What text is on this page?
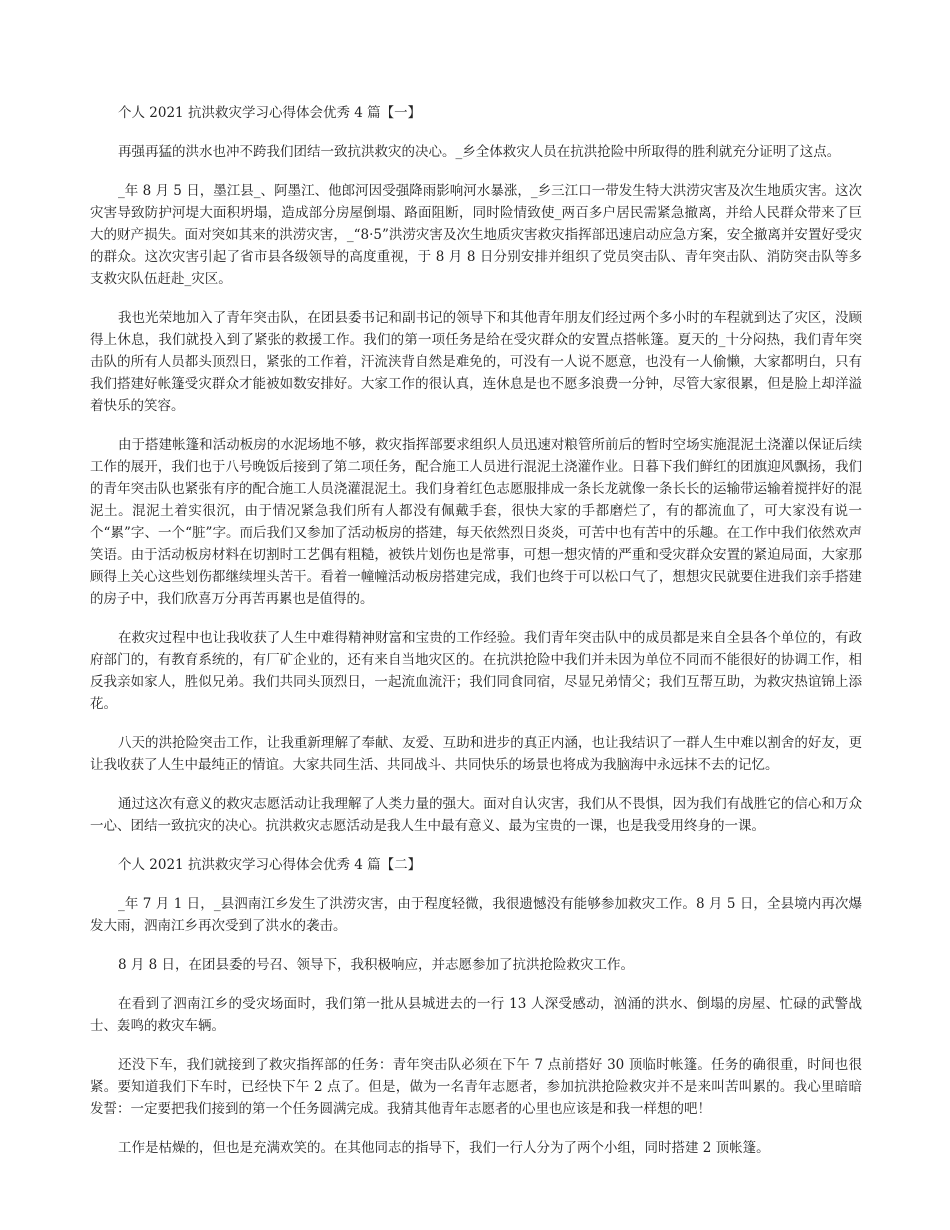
个人 2021 抗洪救灾学习心得体会优秀 4 篇【一】

再强再猛的洪水也冲不跨我们团结一致抗洪救灾的决心。_乡全体救灾人员在抗洪抢险中所取得的胜利就充分证明了这点。

_年 8 月 5 日，墨江县_、阿墨江、他郎河因受强降雨影响河水暴涨，_乡三江口一带发生特大洪涝灾害及次生地质灾害。这次灾害导致防护河堤大面积坍塌，造成部分房屋倒塌、路面阻断，同时险情致使_两百多户居民需紧急撤离，并给人民群众带来了巨大的财产损失。面对突如其来的洪涝灾害，_“8·5”洪涝灾害及次生地质灾害救灾指挥部迅速启动应急方案，安全撤离并安置好受灾的群众。这次灾害引起了省市县各级领导的高度重视，于 8 月 8 日分别安排并组织了党员突击队、青年突击队、消防突击队等多支救灾队伍赶赴_灾区。

我也光荣地加入了青年突击队，在团县委书记和副书记的领导下和其他青年朋友们经过两个多小时的车程就到达了灾区，没顾得上休息，我们就投入到了紧张的救援工作。我们的第一项任务是给在受灾群众的安置点搭帐篷。夏天的_十分闷热，我们青年突击队的所有人员都头顶烈日，紧张的工作着，汗流浃背自然是难免的，可没有一人说不愿意，也没有一人偷懒，大家都明白，只有我们搭建好帐篷受灾群众才能被如数安排好。大家工作的很认真，连休息是也不愿多浪费一分钟，尽管大家很累，但是脸上却洋溢着快乐的笑容。

由于搭建帐篷和活动板房的水泥场地不够，救灾指挥部要求组织人员迅速对粮管所前后的暂时空场实施混泥土浇灌以保证后续工作的展开，我们也于八号晚饭后接到了第二项任务，配合施工人员进行混泥土浇灌作业。日暮下我们鲜红的团旗迎风飘扬，我们的青年突击队也紧张有序的配合施工人员浇灌混泥土。我们身着红色志愿服排成一条长龙就像一条长长的运输带运输着搅拌好的混泥土。混泥土着实很沉，由于情况紧急我们所有人都没有佩戴手套，很快大家的手都磨烂了，有的都流血了，可大家没有说一个“累”字、一个“脏”字。而后我们又参加了活动板房的搭建，每天依然烈日炎炎，可苦中也有苦中的乐趣。在工作中我们依然欢声笑语。由于活动板房材料在切割时工艺偶有粗糙，被铁片划伤也是常事，可想一想灾情的严重和受灾群众安置的紧迫局面，大家那顾得上关心这些划伤都继续埋头苦干。看着一幢幢活动板房搭建完成，我们也终于可以松口气了，想想灾民就要住进我们亲手搭建的房子中，我们欣喜万分再苦再累也是值得的。

在救灾过程中也让我收获了人生中难得精神财富和宝贵的工作经验。我们青年突击队中的成员都是来自全县各个单位的，有政府部门的，有教育系统的，有厂矿企业的，还有来自当地灾区的。在抗洪抢险中我们并未因为单位不同而不能很好的协调工作，相反我亲如家人，胜似兄弟。我们共同头顶烈日，一起流血流汗；我们同食同宿，尽显兄弟情父；我们互帮互助，为救灾热谊锦上添花。

八天的洪抢险突击工作，让我重新理解了奉献、友爱、互助和进步的真正内涵，也让我结识了一群人生中难以割舍的好友，更让我收获了人生中最纯正的情谊。大家共同生活、共同战斗、共同快乐的场景也将成为我脑海中永远抹不去的记忆。

通过这次有意义的救灾志愿活动让我理解了人类力量的强大。面对自认灾害，我们从不畏惧，因为我们有战胜它的信心和万众一心、团结一致抗灾的决心。抗洪救灾志愿活动是我人生中最有意义、最为宝贵的一课，也是我受用终身的一课。

个人 2021 抗洪救灾学习心得体会优秀 4 篇【二】

_年 7 月 1 日，_县泗南江乡发生了洪涝灾害，由于程度轻微，我很遗憾没有能够参加救灾工作。8 月 5 日，全县境内再次爆发大雨，泗南江乡再次受到了洪水的袭击。

8 月 8 日，在团县委的号召、领导下，我积极响应，并志愿参加了抗洪抢险救灾工作。

在看到了泗南江乡的受灾场面时，我们第一批从县城进去的一行 13 人深受感动，汹涌的洪水、倒塌的房屋、忙碌的武警战士、轰鸣的救灾车辆。

还没下车，我们就接到了救灾指挥部的任务：青年突击队必须在下午 7 点前搭好 30 顶临时帐篷。任务的确很重，时间也很紧。要知道我们下车时，已经快下午 2 点了。但是，做为一名青年志愿者，参加抗洪抢险救灾并不是来叫苦叫累的。我心里暗暗发誓：一定要把我们接到的第一个任务圆满完成。我猜其他青年志愿者的心里也应该是和我一样想的吧！

工作是枯燥的，但也是充满欢笑的。在其他同志的指导下，我们一行人分为了两个小组，同时搭建 2 顶帐篷。
